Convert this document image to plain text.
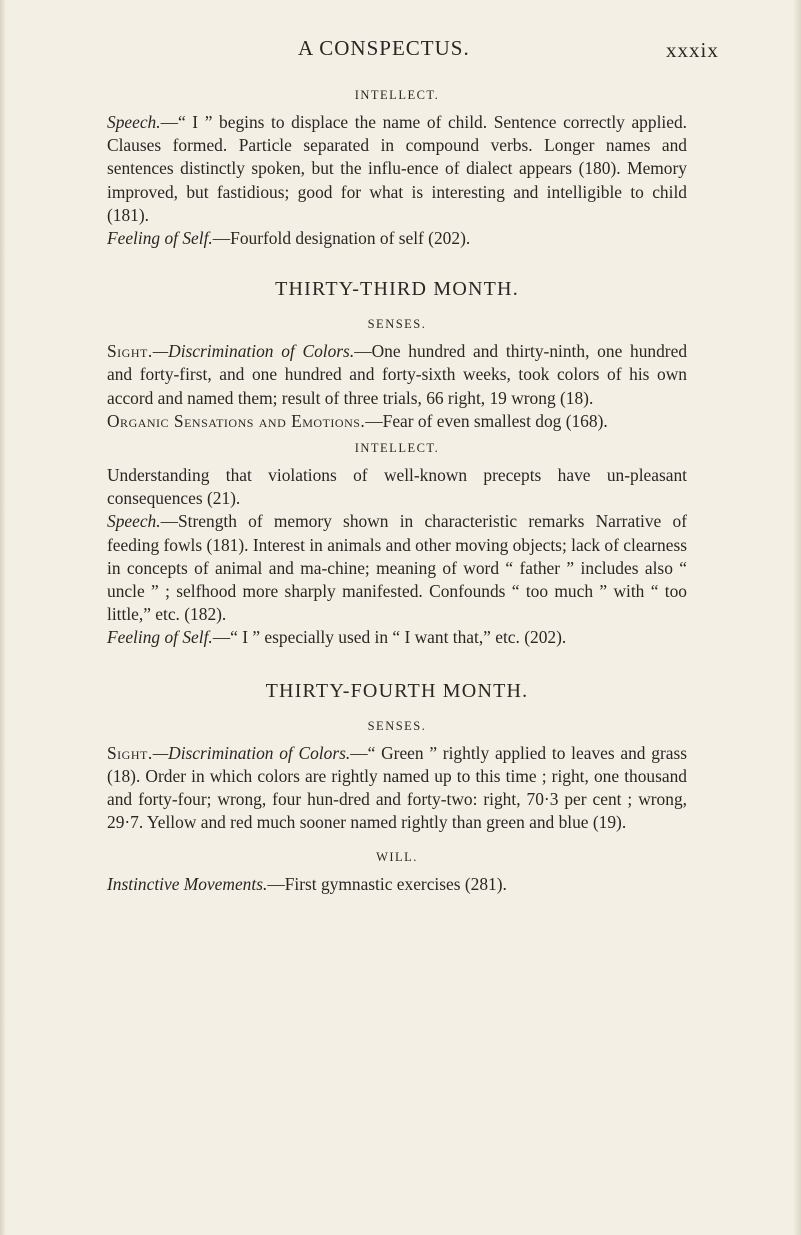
A CONSPECTUS.	xxxix

INTELLECT.

Speech.—“ I ” begins to displace the name of child. Sentence correctly applied. Clauses formed. Particle separated in compound verbs. Longer names and sentences distinctly spoken, but the influ-ence of dialect appears (180). Memory improved, but fastidious; good for what is interesting and intelligible to child (181).

Feeling of Self.—Fourfold designation of self (202).

THIRTY-THIRD MONTH.

SENSES.

Sight.—Discrimination of Colors.—One hundred and thirty-ninth, one hundred and forty-first, and one hundred and forty-sixth weeks, took colors of his own accord and named them; result of three trials, 66 right, 19 wrong (18).

Organic Sensations and Emotions.—Fear of even smallest dog (168).

INTELLECT.

Understanding that violations of well-known precepts have un-pleasant consequences (21).

Speech.—Strength of memory shown in characteristic remarks Narrative of feeding fowls (181). Interest in animals and other moving objects; lack of clearness in concepts of animal and ma-chine; meaning of word “ father ” includes also “ uncle ” ; selfhood more sharply manifested. Confounds “ too much ” with “ too little,” etc. (182).

Feeling of Self.—“ I ” especially used in “ I want that,” etc. (202).

THIRTY-FOURTH MONTH.

SENSES.

Sight.—Discrimination of Colors.—“ Green ” rightly applied to leaves and grass (18). Order in which colors are rightly named up to this time ; right, one thousand and forty-four; wrong, four hun-dred and forty-two: right, 70·3 per cent ; wrong, 29·7. Yellow and red much sooner named rightly than green and blue (19).

WILL.

Instinctive Movements.—First gymnastic exercises (281).
